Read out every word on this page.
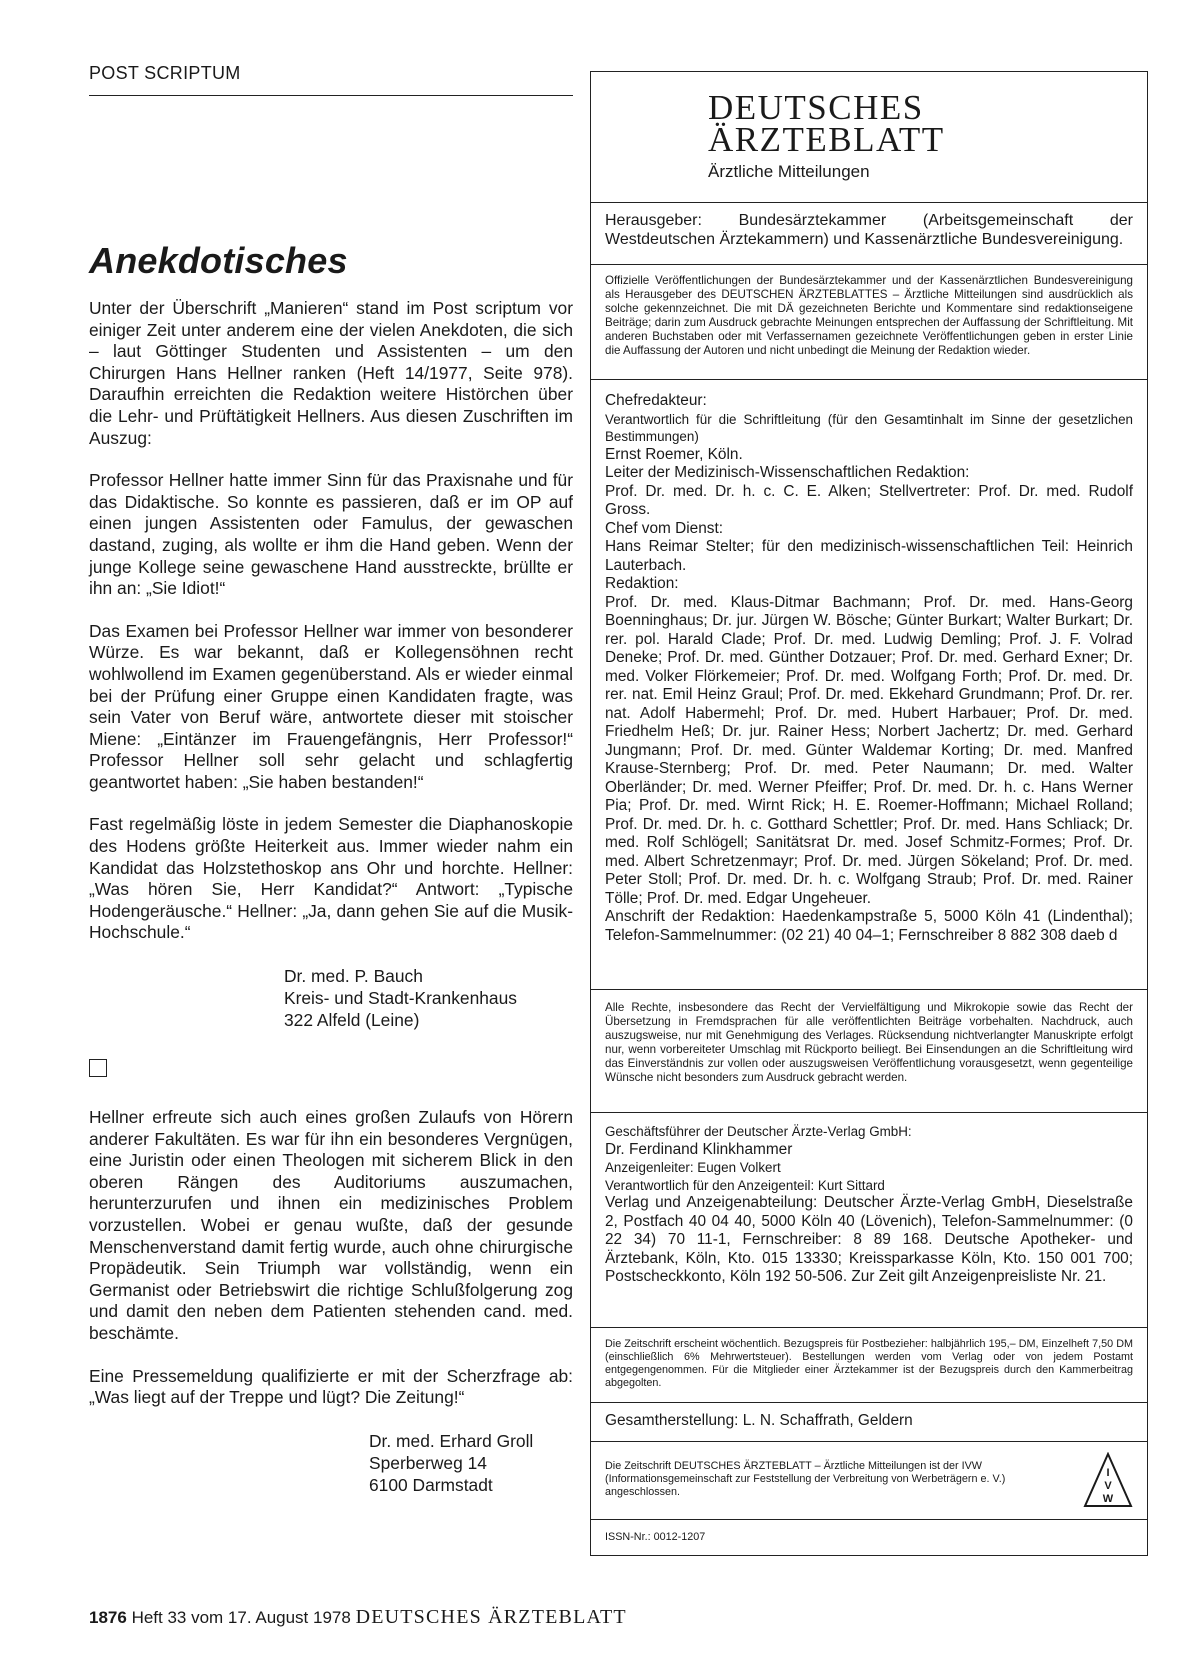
POST SCRIPTUM
Anekdotisches

Unter der Überschrift „Manieren“ stand im Post scriptum vor einiger Zeit unter anderem eine der vielen Anekdoten, die sich – laut Göttinger Studenten und Assistenten – um den Chirurgen Hans Hellner ranken (Heft 14/1977, Seite 978). Daraufhin erreichten die Redaktion weitere Histörchen über die Lehr- und Prüftätigkeit Hellners. Aus diesen Zuschriften im Auszug:

Professor Hellner hatte immer Sinn für das Praxisnahe und für das Didaktische. So konnte es passieren, daß er im OP auf einen jungen Assistenten oder Famulus, der gewaschen dastand, zuging, als wollte er ihm die Hand geben. Wenn der junge Kollege seine gewaschene Hand ausstreckte, brüllte er ihn an: „Sie Idiot!“

Das Examen bei Professor Hellner war immer von besonderer Würze. Es war bekannt, daß er Kollegensöhnen recht wohlwollend im Examen gegenüberstand. Als er wieder einmal bei der Prüfung einer Gruppe einen Kandidaten fragte, was sein Vater von Beruf wäre, antwortete dieser mit stoischer Miene: „Eintänzer im Frauengefängnis, Herr Professor!“ Professor Hellner soll sehr gelacht und schlagfertig geantwortet haben: „Sie haben bestanden!“

Fast regelmäßig löste in jedem Semester die Diaphanoskopie des Hodens größte Heiterkeit aus. Immer wieder nahm ein Kandidat das Holzstethoskop ans Ohr und horchte. Hellner: „Was hören Sie, Herr Kandidat?“ Antwort: „Typische Hodengeräusche.“ Hellner: „Ja, dann gehen Sie auf die Musik-Hochschule.“

Dr. med. P. Bauch
Kreis- und Stadt-Krankenhaus
322 Alfeld (Leine)

Hellner erfreute sich auch eines großen Zulaufs von Hörern anderer Fakultäten. Es war für ihn ein besonderes Vergnügen, eine Juristin oder einen Theologen mit sicherem Blick in den oberen Rängen des Auditoriums auszumachen, herunterzurufen und ihnen ein medizinisches Problem vorzustellen. Wobei er genau wußte, daß der gesunde Menschenverstand damit fertig wurde, auch ohne chirurgische Propädeutik. Sein Triumph war vollständig, wenn ein Germanist oder Betriebswirt die richtige Schlußfolgerung zog und damit den neben dem Patienten stehenden cand. med. beschämte.

Eine Pressemeldung qualifizierte er mit der Scherzfrage ab: „Was liegt auf der Treppe und lügt? Die Zeitung!“

Dr. med. Erhard Groll
Sperberweg 14
6100 Darmstadt
DEUTSCHES
ÄRZTEBLATT
Ärztliche Mitteilungen

Herausgeber: Bundesärztekammer (Arbeitsgemeinschaft der Westdeutschen Ärztekammern) und Kassenärztliche Bundesvereinigung.

Offizielle Veröffentlichungen der Bundesärztekammer und der Kassenärztlichen Bundesvereinigung als Herausgeber des DEUTSCHEN ÄRZTEBLATTES – Ärztliche Mitteilungen sind ausdrücklich als solche gekennzeichnet. Die mit DÄ gezeichneten Berichte und Kommentare sind redaktionseigene Beiträge; darin zum Ausdruck gebrachte Meinungen entsprechen der Auffassung der Schriftleitung. Mit anderen Buchstaben oder mit Verfassernamen gezeichnete Veröffentlichungen geben in erster Linie die Auffassung der Autoren und nicht unbedingt die Meinung der Redaktion wieder.

Chefredakteur:

Verantwortlich für die Schriftleitung (für den Gesamtinhalt im Sinne der gesetzlichen Bestimmungen)

Ernst Roemer, Köln.

Leiter der Medizinisch-Wissenschaftlichen Redaktion:

Prof. Dr. med. Dr. h. c. C. E. Alken; Stellvertreter: Prof. Dr. med. Rudolf Gross.

Chef vom Dienst:

Hans Reimar Stelter; für den medizinisch-wissenschaftlichen Teil: Heinrich Lauterbach.

Redaktion:

Prof. Dr. med. Klaus-Ditmar Bachmann; Prof. Dr. med. Hans-Georg Boenninghaus; Dr. jur. Jürgen W. Bösche; Günter Burkart; Walter Burkart; Dr. rer. pol. Harald Clade; Prof. Dr. med. Ludwig Demling; Prof. J. F. Volrad Deneke; Prof. Dr. med. Günther Dotzauer; Prof. Dr. med. Gerhard Exner; Dr. med. Volker Flörkemeier; Prof. Dr. med. Wolfgang Forth; Prof. Dr. med. Dr. rer. nat. Emil Heinz Graul; Prof. Dr. med. Ekkehard Grundmann; Prof. Dr. rer. nat. Adolf Habermehl; Prof. Dr. med. Hubert Harbauer; Prof. Dr. med. Friedhelm Heß; Dr. jur. Rainer Hess; Norbert Jachertz; Dr. med. Gerhard Jungmann; Prof. Dr. med. Günter Waldemar Korting; Dr. med. Manfred Krause-Sternberg; Prof. Dr. med. Peter Naumann; Dr. med. Walter Oberländer; Dr. med. Werner Pfeiffer; Prof. Dr. med. Dr. h. c. Hans Werner Pia; Prof. Dr. med. Wirnt Rick; H. E. Roemer-Hoffmann; Michael Rolland; Prof. Dr. med. Dr. h. c. Gotthard Schettler; Prof. Dr. med. Hans Schliack; Dr. med. Rolf Schlögell; Sanitätsrat Dr. med. Josef Schmitz-Formes; Prof. Dr. med. Albert Schretzenmayr; Prof. Dr. med. Jürgen Sökeland; Prof. Dr. med. Peter Stoll; Prof. Dr. med. Dr. h. c. Wolfgang Straub; Prof. Dr. med. Rainer Tölle; Prof. Dr. med. Edgar Ungeheuer.

Anschrift der Redaktion: Haedenkampstraße 5, 5000 Köln 41 (Lindenthal); Telefon-Sammelnummer: (02 21) 40 04–1; Fernschreiber 8 882 308 daeb d

Alle Rechte, insbesondere das Recht der Vervielfältigung und Mikrokopie sowie das Recht der Übersetzung in Fremdsprachen für alle veröffentlichten Beiträge vorbehalten. Nachdruck, auch auszugsweise, nur mit Genehmigung des Verlages. Rücksendung nichtverlangter Manuskripte erfolgt nur, wenn vorbereiteter Umschlag mit Rückporto beiliegt. Bei Einsendungen an die Schriftleitung wird das Einverständnis zur vollen oder auszugsweisen Veröffentlichung vorausgesetzt, wenn gegenteilige Wünsche nicht besonders zum Ausdruck gebracht werden.

Geschäftsführer der Deutscher Ärzte-Verlag GmbH:

Dr. Ferdinand Klinkhammer

Anzeigenleiter: Eugen Volkert

Verantwortlich für den Anzeigenteil: Kurt Sittard

Verlag und Anzeigenabteilung: Deutscher Ärzte-Verlag GmbH, Dieselstraße 2, Postfach 40 04 40, 5000 Köln 40 (Lövenich), Telefon-Sammelnummer: (0 22 34) 70 11-1, Fernschreiber: 8 89 168. Deutsche Apotheker- und Ärztebank, Köln, Kto. 015 13330; Kreissparkasse Köln, Kto. 150 001 700; Postscheckkonto, Köln 192 50-506. Zur Zeit gilt Anzeigenpreisliste Nr. 21.

Die Zeitschrift erscheint wöchentlich. Bezugspreis für Postbezieher: halbjährlich 195,– DM, Einzelheft 7,50 DM (einschließlich 6% Mehrwertsteuer). Bestellungen werden vom Verlag oder von jedem Postamt entgegengenommen. Für die Mitglieder einer Ärztekammer ist der Bezugspreis durch den Kammerbeitrag abgegolten.

Gesamtherstellung: L. N. Schaffrath, Geldern

Die Zeitschrift DEUTSCHES ÄRZTEBLATT – Ärztliche Mitteilungen ist der IVW (Informationsgemeinschaft zur Feststellung der Verbreitung von Werbeträgern e. V.) angeschlossen.

I
V
W

ISSN-Nr.: 0012-1207

1876 Heft 33 vom 17. August 1978 DEUTSCHES ÄRZTEBLATT
